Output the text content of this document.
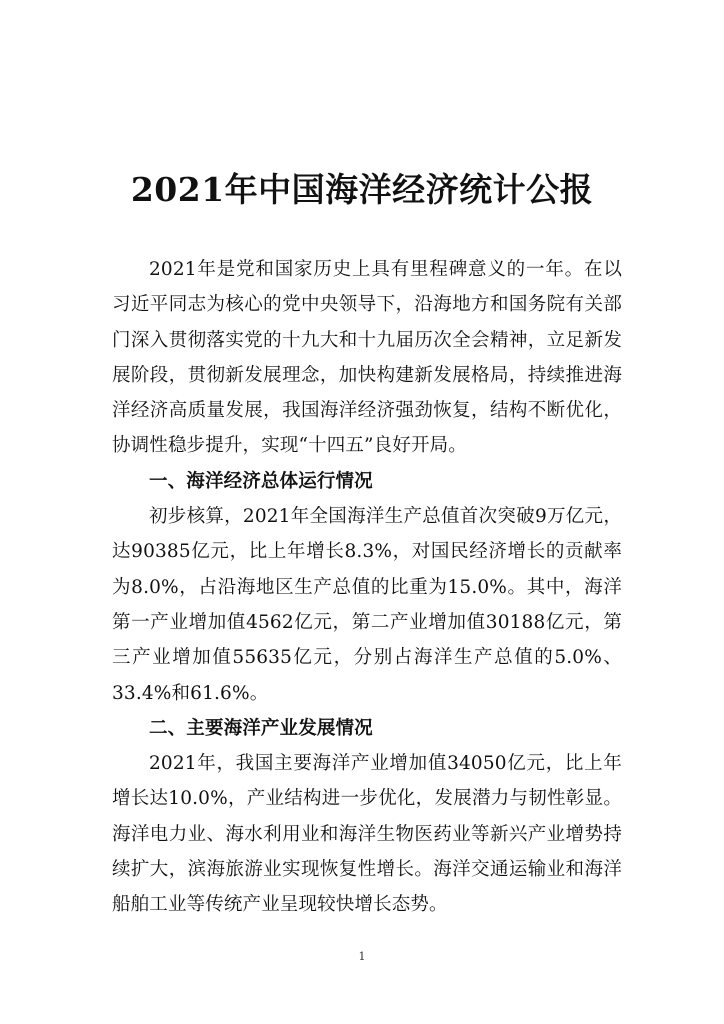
2021年中国海洋经济统计公报

2021年是党和国家历史上具有里程碑意义的一年。在以习近平同志为核心的党中央领导下，沿海地方和国务院有关部门深入贯彻落实党的十九大和十九届历次全会精神，立足新发展阶段，贯彻新发展理念，加快构建新发展格局，持续推进海洋经济高质量发展，我国海洋经济强劲恢复，结构不断优化，协调性稳步提升，实现“十四五”良好开局。

一、海洋经济总体运行情况

初步核算，2021年全国海洋生产总值首次突破9万亿元，达90385亿元，比上年增长8.3%，对国民经济增长的贡献率为8.0%，占沿海地区生产总值的比重为15.0%。其中，海洋第一产业增加值4562亿元，第二产业增加值30188亿元，第三产业增加值55635亿元，分别占海洋生产总值的5.0%、33.4%和61.6%。

二、主要海洋产业发展情况

2021年，我国主要海洋产业增加值34050亿元，比上年增长达10.0%，产业结构进一步优化，发展潜力与韧性彰显。海洋电力业、海水利用业和海洋生物医药业等新兴产业增势持续扩大，滨海旅游业实现恢复性增长。海洋交通运输业和海洋船舶工业等传统产业呈现较快增长态势。

1
